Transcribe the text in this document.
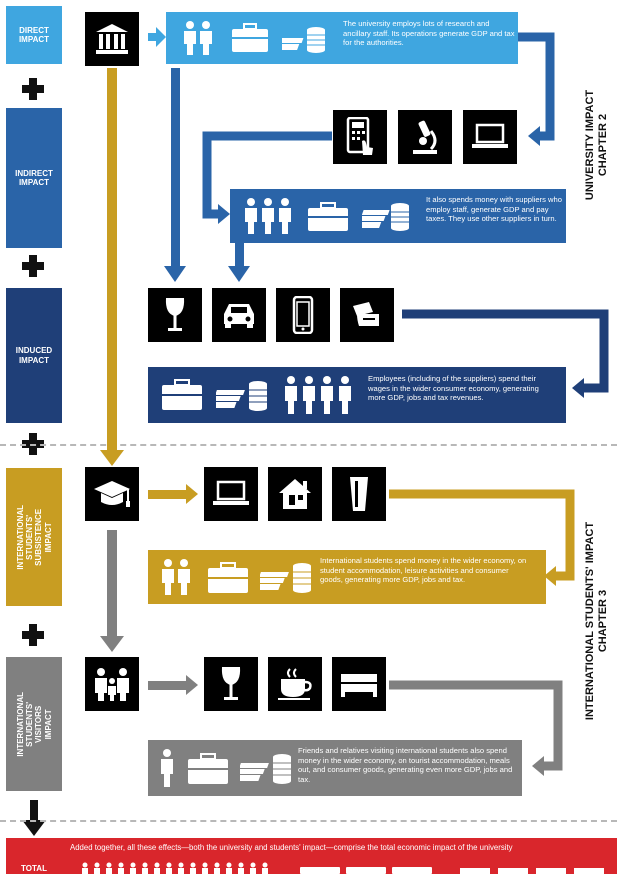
DIRECT IMPACT
INDIRECT IMPACT
INDUCED IMPACT
INTERNATIONAL STUDENTS' SUBSISTENCE IMPACT
INTERNATIONAL STUDENTS' VISITORS IMPACT
TOTAL
The university employs lots of research and ancillary staff. Its operations generate GDP and tax for the authorities.
It also spends money with suppliers who employ staff, generate GDP and pay taxes. They use other suppliers in turn.
Employees (including of the suppliers) spend their wages in the wider consumer economy, generating more GDP, jobs and tax revenues.
International students spend money in the wider economy, on student accommodation, leisure activities and consumer goods, generating more GDP, jobs and tax.
Friends and relatives visiting international students also spend money in the wider economy, on tourist accommodation, meals out, and consumer goods, generating even more GDP, jobs and tax.
Added together, all these effects—both the university and students' impact—comprise the total economic impact of the university
UNIVERSITY IMPACT CHAPTER 2
INTERNATIONAL STUDENTS' IMPACT CHAPTER 3
